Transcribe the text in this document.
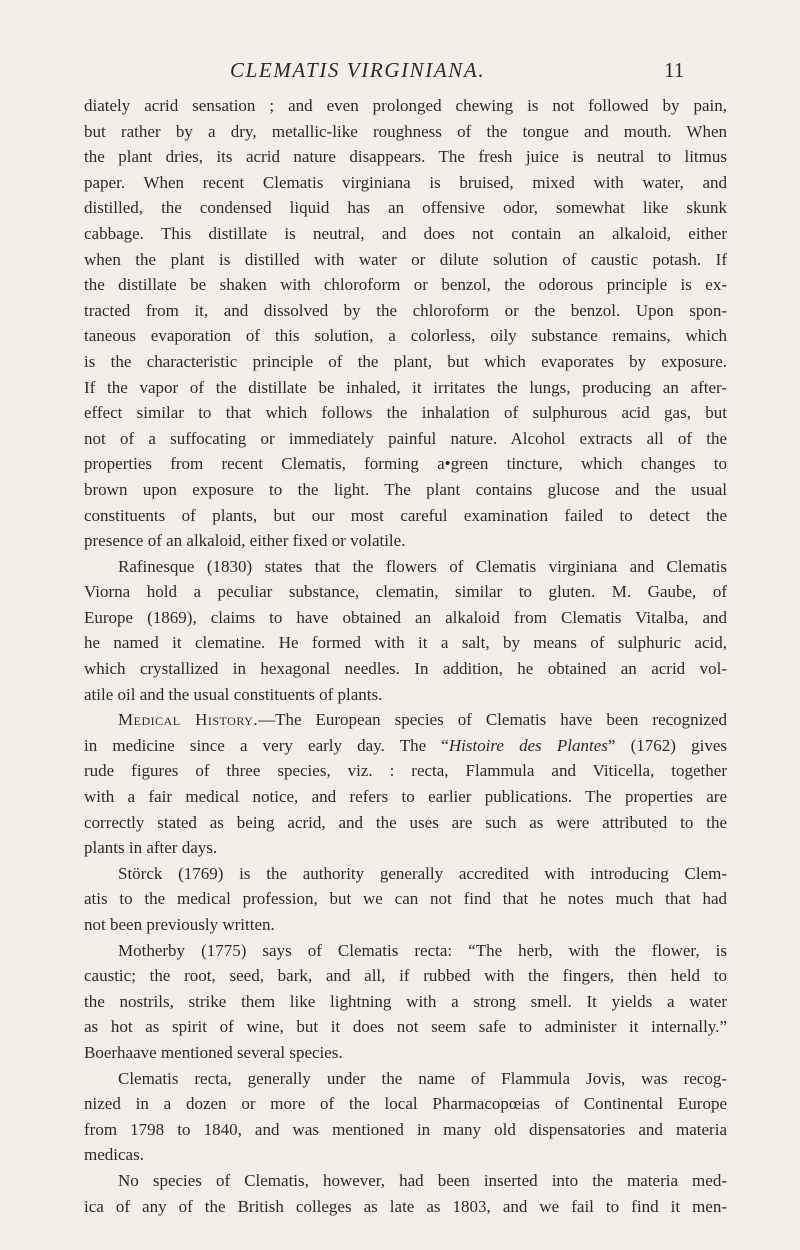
CLEMATIS VIRGINIANA.	11
diately acrid sensation ; and even prolonged chewing is not followed by pain,
but rather by a dry, metallic-like roughness of the tongue and mouth. When
the plant dries, its acrid nature disappears. The fresh juice is neutral to litmus
paper. When recent Clematis virginiana is bruised, mixed with water, and
distilled, the condensed liquid has an offensive odor, somewhat like skunk
cabbage. This distillate is neutral, and does not contain an alkaloid, either
when the plant is distilled with water or dilute solution of caustic potash. If
the distillate be shaken with chloroform or benzol, the odorous principle is ex-
tracted from it, and dissolved by the chloroform or the benzol. Upon spon-
taneous evaporation of this solution, a colorless, oily substance remains, which
is the characteristic principle of the plant, but which evaporates by exposure.
If the vapor of the distillate be inhaled, it irritates the lungs, producing an after-
effect similar to that which follows the inhalation of sulphurous acid gas, but
not of a suffocating or immediately painful nature. Alcohol extracts all of the
properties from recent Clematis, forming a•green tincture, which changes to
brown upon exposure to the light. The plant contains glucose and the usual
constituents of plants, but our most careful examination failed to detect the
presence of an alkaloid, either fixed or volatile.
Rafinesque (1830) states that the flowers of Clematis virginiana and Clematis
Viorna hold a peculiar substance, clematin, similar to gluten. M. Gaube, of
Europe (1869), claims to have obtained an alkaloid from Clematis Vitalba, and
he named it clematine. He formed with it a salt, by means of sulphuric acid,
which crystallized in hexagonal needles. In addition, he obtained an acrid vol-
atile oil and the usual constituents of plants.
Medical History.—The European species of Clematis have been recognized
in medicine since a very early day. The “Histoire des Plantes” (1762) gives
rude figures of three species, viz. : recta, Flammula and Viticella, together
with a fair medical notice, and refers to earlier publications. The properties are
correctly stated as being acrid, and the uses are such as were attributed to the
plants in after days.
Störck (1769) is the authority generally accredited with introducing Clem-
atis to the medical profession, but we can not find that he notes much that had
not been previously written.
Motherby (1775) says of Clematis recta: “The herb, with the flower, is
caustic; the root, seed, bark, and all, if rubbed with the fingers, then held to
the nostrils, strike them like lightning with a strong smell. It yields a water
as hot as spirit of wine, but it does not seem safe to administer it internally.”
Boerhaave mentioned several species.
Clematis recta, generally under the name of Flammula Jovis, was recog-
nized in a dozen or more of the local Pharmacopœias of Continental Europe
from 1798 to 1840, and was mentioned in many old dispensatories and materia
medicas.
No species of Clematis, however, had been inserted into the materia med-
ica of any of the British colleges as late as 1803, and we fail to find it men-
